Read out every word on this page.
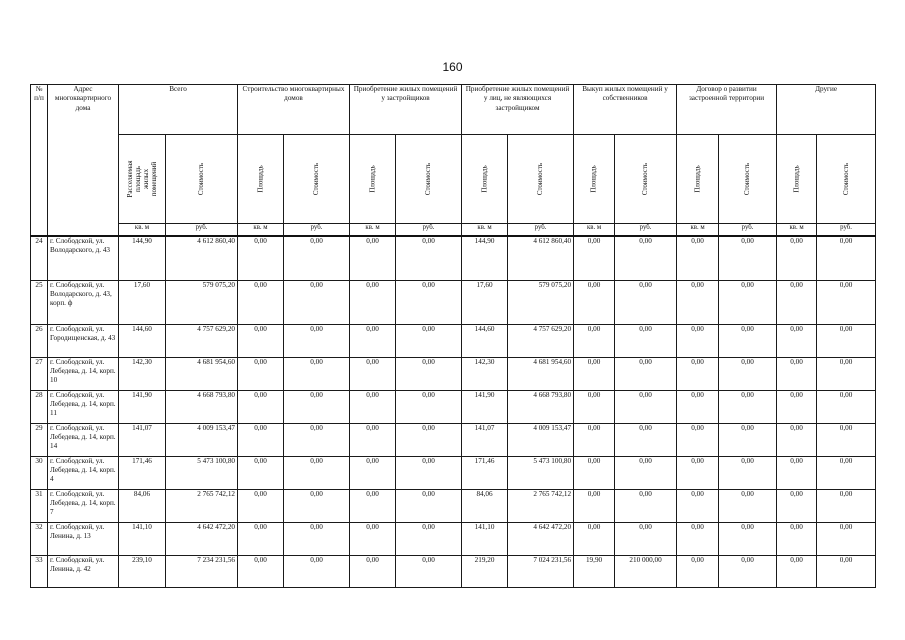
160
№ п/п	Адрес многоквартирного дома	Всего		Строительство многоквартирных домов		Приобретение жилых помещений у застройщиков		Приобретение жилых помещений у лиц, не являющихся застройщиком		Выкуп жилых помещений у собственников		Договор о развитии застроенной территории		Другие	

		Расселяемая площадь жилых помещений	Стоимость	Площадь	Стоимость	Площадь	Стоимость	Площадь	Стоимость	Площадь	Стоимость	Площадь	Стоимость	Площадь	Стоимость

		кв. м	руб.	кв. м	руб.	кв. м	руб.	кв. м	руб.	кв. м	руб.	кв. м	руб.	кв. м	руб.
24	г. Слободской, ул. Володарского, д. 43	144,90	4 612 860,40	0,00	0,00	0,00	0,00	144,90	4 612 860,40	0,00	0,00	0,00	0,00	0,00	0,00
25	г. Слободской, ул. Володарского, д. 43, корп. ф	17,60	579 075,20	0,00	0,00	0,00	0,00	17,60	579 075,20	0,00	0,00	0,00	0,00	0,00	0,00
26	г. Слободской, ул. Городищенская, д. 43	144,60	4 757 629,20	0,00	0,00	0,00	0,00	144,60	4 757 629,20	0,00	0,00	0,00	0,00	0,00	0,00
27	г. Слободской, ул. Лебедева, д. 14, корп. 10	142,30	4 681 954,60	0,00	0,00	0,00	0,00	142,30	4 681 954,60	0,00	0,00	0,00	0,00	0,00	0,00
28	г. Слободской, ул. Лебедева, д. 14, корп. 11	141,90	4 668 793,80	0,00	0,00	0,00	0,00	141,90	4 668 793,80	0,00	0,00	0,00	0,00	0,00	0,00
29	г. Слободской, ул. Лебедева, д. 14, корп. 14	141,07	4 009 153,47	0,00	0,00	0,00	0,00	141,07	4 009 153,47	0,00	0,00	0,00	0,00	0,00	0,00
30	г. Слободской, ул. Лебедева, д. 14, корп. 4	171,46	5 473 100,80	0,00	0,00	0,00	0,00	171,46	5 473 100,80	0,00	0,00	0,00	0,00	0,00	0,00
31	г. Слободской, ул. Лебедева, д. 14, корп. 7	84,06	2 765 742,12	0,00	0,00	0,00	0,00	84,06	2 765 742,12	0,00	0,00	0,00	0,00	0,00	0,00
32	г. Слободской, ул. Ленина, д. 13	141,10	4 642 472,20	0,00	0,00	0,00	0,00	141,10	4 642 472,20	0,00	0,00	0,00	0,00	0,00	0,00
33	г. Слободской, ул. Ленина, д. 42	239,10	7 234 231,56	0,00	0,00	0,00	0,00	219,20	7 024 231,56	19,90	210 000,00	0,00	0,00	0,00	0,00
